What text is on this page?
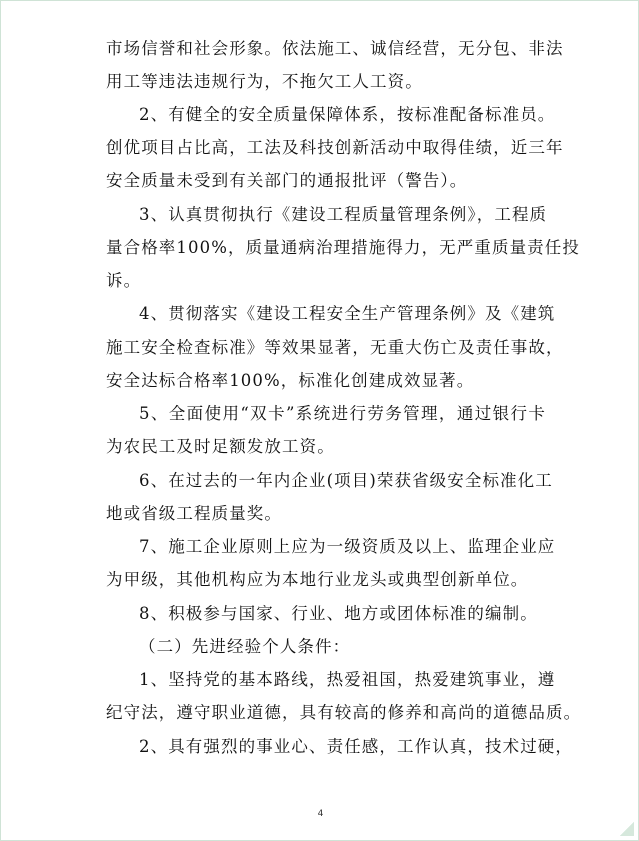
市场信誉和社会形象。依法施工、诚信经营，无分包、非法
用工等违法违规行为，不拖欠工人工资。
2、有健全的安全质量保障体系，按标准配备标准员。
创优项目占比高，工法及科技创新活动中取得佳绩，近三年
安全质量未受到有关部门的通报批评（警告）。
3、认真贯彻执行《建设工程质量管理条例》，工程质
量合格率100%，质量通病治理措施得力，无严重质量责任投
诉。
4、贯彻落实《建设工程安全生产管理条例》及《建筑
施工安全检查标准》等效果显著，无重大伤亡及责任事故，
安全达标合格率100%，标准化创建成效显著。
5、全面使用“双卡”系统进行劳务管理，通过银行卡
为农民工及时足额发放工资。
6、在过去的一年内企业(项目)荣获省级安全标准化工
地或省级工程质量奖。
7、施工企业原则上应为一级资质及以上、监理企业应
为甲级，其他机构应为本地行业龙头或典型创新单位。
8、积极参与国家、行业、地方或团体标准的编制。
（二）先进经验个人条件：
1、坚持党的基本路线，热爱祖国，热爱建筑事业，遵
纪守法，遵守职业道德，具有较高的修养和高尚的道德品质。
2、具有强烈的事业心、责任感，工作认真，技术过硬，
4
